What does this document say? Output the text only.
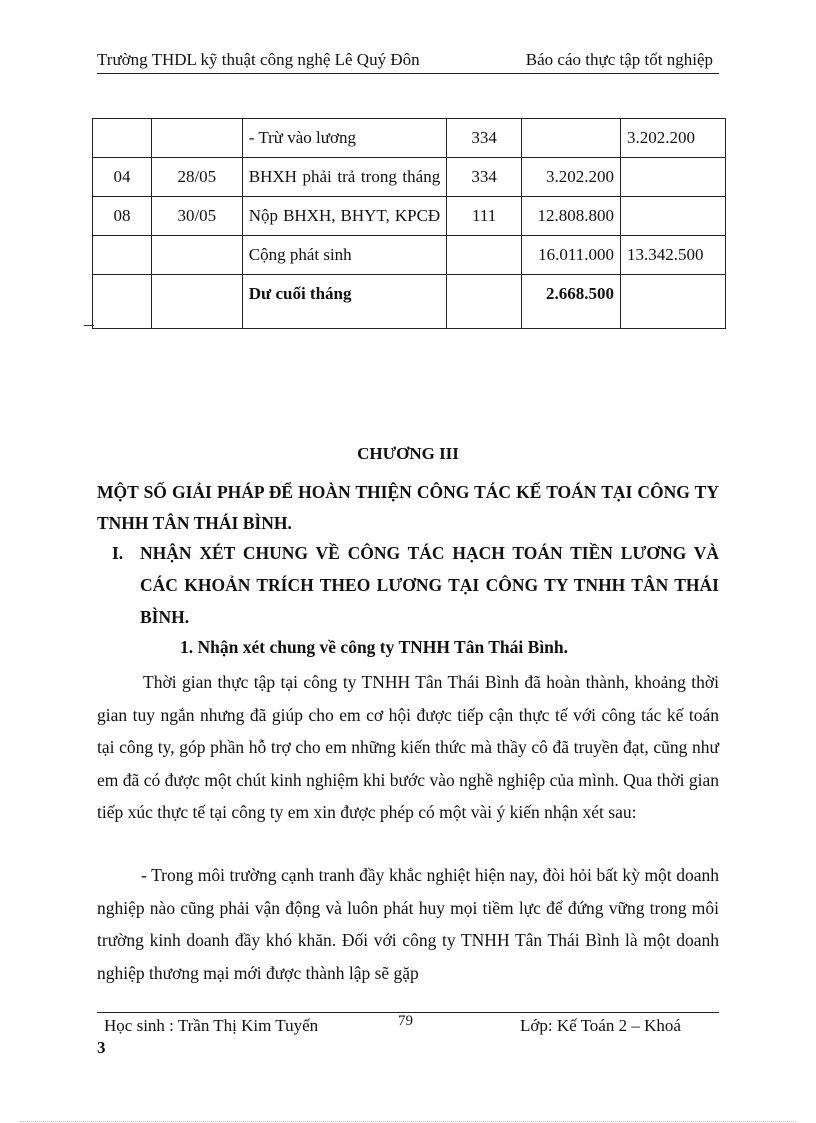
Trường THDL kỹ thuật công nghệ Lê Quý Đôn	Báo cáo thực tập tốt nghiệp
		- Trừ vào lương	334		3.202.200
04	28/05	BHXH phải trả trong tháng	334	3.202.200	
08	30/05	Nộp BHXH, BHYT, KPCĐ	111	12.808.800	
		Cộng phát sinh		16.011.000	13.342.500
		Dư cuối tháng		2.668.500	
CHƯƠNG III
MỘT SỐ GIẢI PHÁP ĐỂ HOÀN THIỆN CÔNG TÁC KẾ TOÁN TẠI CÔNG TY TNHH TÂN THÁI BÌNH.
I. NHẬN XÉT CHUNG VỀ CÔNG TÁC HẠCH TOÁN TIỀN LƯƠNG VÀ CÁC KHOẢN TRÍCH THEO LƯƠNG TẠI CÔNG TY TNHH TÂN THÁI BÌNH.
1. Nhận xét chung về công ty TNHH Tân Thái Bình.

Thời gian thực tập tại công ty TNHH Tân Thái Bình đã hoàn thành, khoảng thời gian tuy ngắn nhưng đã giúp cho em cơ hội được tiếp cận thực tế với công tác kế toán tại công ty, góp phần hỗ trợ cho em những kiến thức mà thầy cô đã truyền đạt, cũng như em đã có được một chút kinh nghiệm khi bước vào nghề nghiệp của mình. Qua thời gian tiếp xúc thực tế tại công ty em xin được phép có một vài ý kiến nhận xét sau:

- Trong môi trường cạnh tranh đầy khắc nghiệt hiện nay, đòi hỏi bất kỳ một doanh nghiệp nào cũng phải vận động và luôn phát huy mọi tiềm lực để đứng vững trong môi trường kinh doanh đầy khó khăn. Đối với công ty TNHH Tân Thái Bình là một doanh nghiệp thương mại mới được thành lập sẽ gặp

Học sinh : Trần Thị Kim Tuyến	79	Lớp: Kế Toán 2 – Khoá
3
